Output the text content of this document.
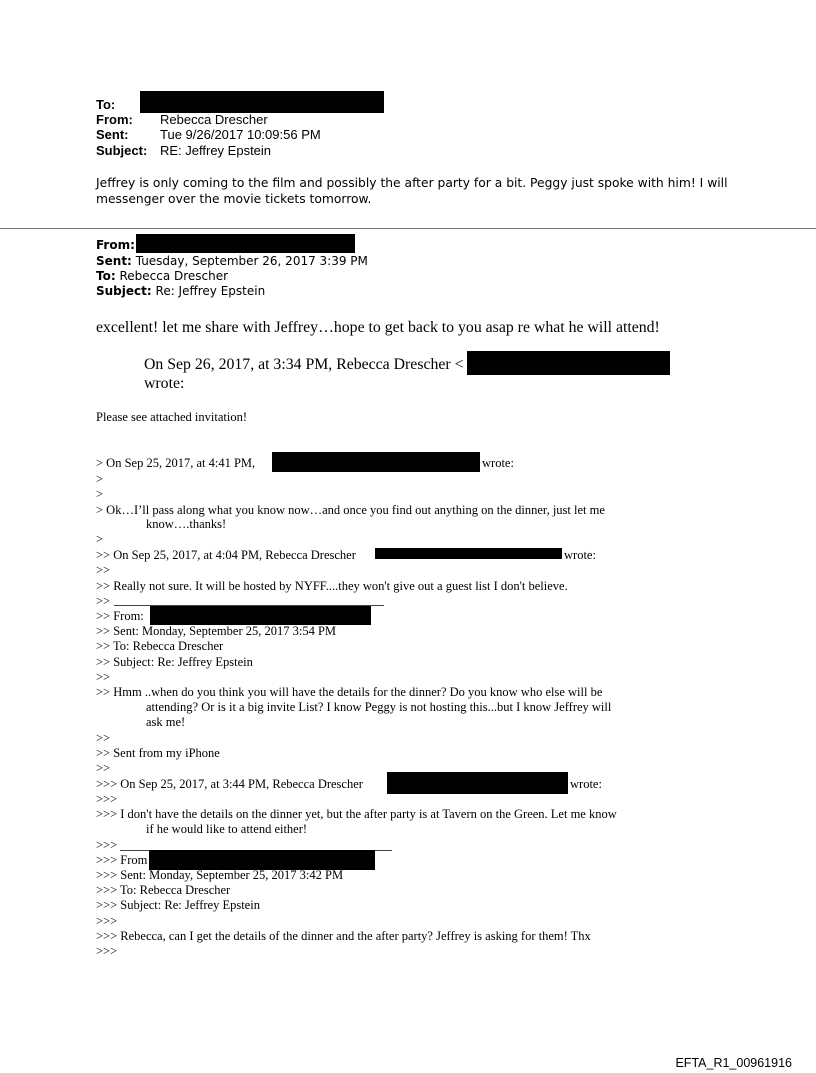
To:
From: Rebecca Drescher
Sent: Tue 9/26/2017 10:09:56 PM
Subject: RE: Jeffrey Epstein
Jeffrey is only coming to the film and possibly the after party for a bit. Peggy just spoke with him! I will
messenger over the movie tickets tomorrow.
From:
Sent: Tuesday, September 26, 2017 3:39 PM
To: Rebecca Drescher
Subject: Re: Jeffrey Epstein
excellent! let me share with Jeffrey…hope to get back to you asap re what he will attend!
On Sep 26, 2017, at 3:34 PM, Rebecca Drescher <
wrote:
Please see attached invitation!
> On Sep 25, 2017, at 4:41 PM,	wrote:
>
>
> Ok…I’ll pass along what you know now…and once you find out anything on the dinner, just let me
know….thanks!
>
>> On Sep 25, 2017, at 4:04 PM, Rebecca Drescher	wrote:
>>
>> Really not sure. It will be hosted by NYFF....they won't give out a guest list I don't believe.
>>
>> From:
>> Sent: Monday, September 25, 2017 3:54 PM
>> To: Rebecca Drescher
>> Subject: Re: Jeffrey Epstein
>>
>> Hmm ..when do you think you will have the details for the dinner? Do you know who else will be
attending? Or is it a big invite List? I know Peggy is not hosting this...but I know Jeffrey will
ask me!
>>
>> Sent from my iPhone
>>
>>> On Sep 25, 2017, at 3:44 PM, Rebecca Drescher	wrote:
>>>
>>> I don't have the details on the dinner yet, but the after party is at Tavern on the Green. Let me know
if he would like to attend either!
>>>
>>> From
>>> Sent: Monday, September 25, 2017 3:42 PM
>>> To: Rebecca Drescher
>>> Subject: Re: Jeffrey Epstein
>>>
>>> Rebecca, can I get the details of the dinner and the after party? Jeffrey is asking for them! Thx
>>>
EFTA_R1_00961916
